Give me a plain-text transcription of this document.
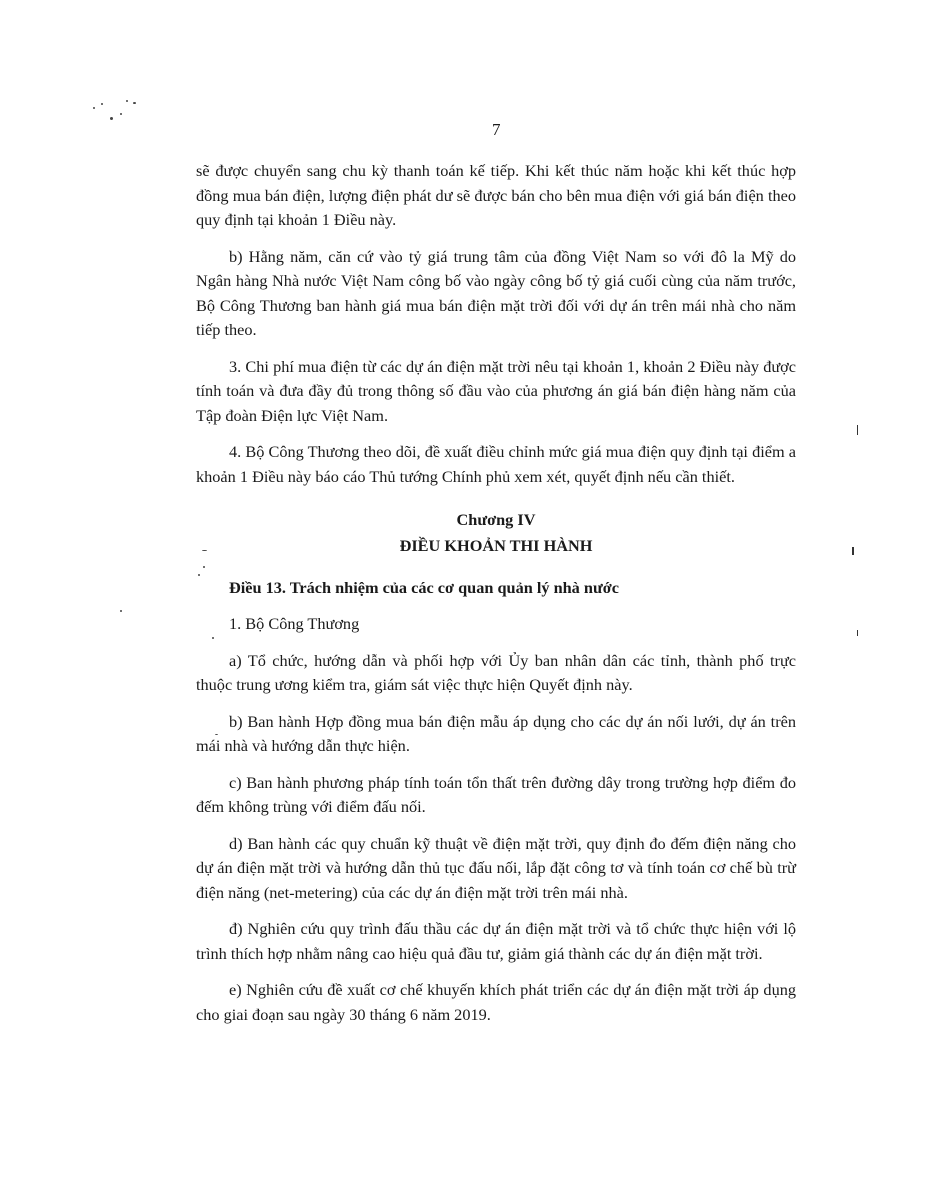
7

sẽ được chuyển sang chu kỳ thanh toán kế tiếp. Khi kết thúc năm hoặc khi kết thúc hợp đồng mua bán điện, lượng điện phát dư sẽ được bán cho bên mua điện với giá bán điện theo quy định tại khoản 1 Điều này.

b) Hằng năm, căn cứ vào tỷ giá trung tâm của đồng Việt Nam so với đô la Mỹ do Ngân hàng Nhà nước Việt Nam công bố vào ngày công bố tỷ giá cuối cùng của năm trước, Bộ Công Thương ban hành giá mua bán điện mặt trời đối với dự án trên mái nhà cho năm tiếp theo.

3. Chi phí mua điện từ các dự án điện mặt trời nêu tại khoản 1, khoản 2 Điều này được tính toán và đưa đầy đủ trong thông số đầu vào của phương án giá bán điện hàng năm của Tập đoàn Điện lực Việt Nam.

4. Bộ Công Thương theo dõi, đề xuất điều chỉnh mức giá mua điện quy định tại điểm a khoản 1 Điều này báo cáo Thủ tướng Chính phủ xem xét, quyết định nếu cần thiết.

Chương IV
ĐIỀU KHOẢN THI HÀNH
Điều 13. Trách nhiệm của các cơ quan quản lý nhà nước

1. Bộ Công Thương

a) Tổ chức, hướng dẫn và phối hợp với Ủy ban nhân dân các tỉnh, thành phố trực thuộc trung ương kiểm tra, giám sát việc thực hiện Quyết định này.

b) Ban hành Hợp đồng mua bán điện mẫu áp dụng cho các dự án nối lưới, dự án trên mái nhà và hướng dẫn thực hiện.

c) Ban hành phương pháp tính toán tổn thất trên đường dây trong trường hợp điểm đo đếm không trùng với điểm đấu nối.

d) Ban hành các quy chuẩn kỹ thuật về điện mặt trời, quy định đo đếm điện năng cho dự án điện mặt trời và hướng dẫn thủ tục đấu nối, lắp đặt công tơ và tính toán cơ chế bù trừ điện năng (net-metering) của các dự án điện mặt trời trên mái nhà.

đ) Nghiên cứu quy trình đấu thầu các dự án điện mặt trời và tổ chức thực hiện với lộ trình thích hợp nhằm nâng cao hiệu quả đầu tư, giảm giá thành các dự án điện mặt trời.

e) Nghiên cứu đề xuất cơ chế khuyến khích phát triển các dự án điện mặt trời áp dụng cho giai đoạn sau ngày 30 tháng 6 năm 2019.
